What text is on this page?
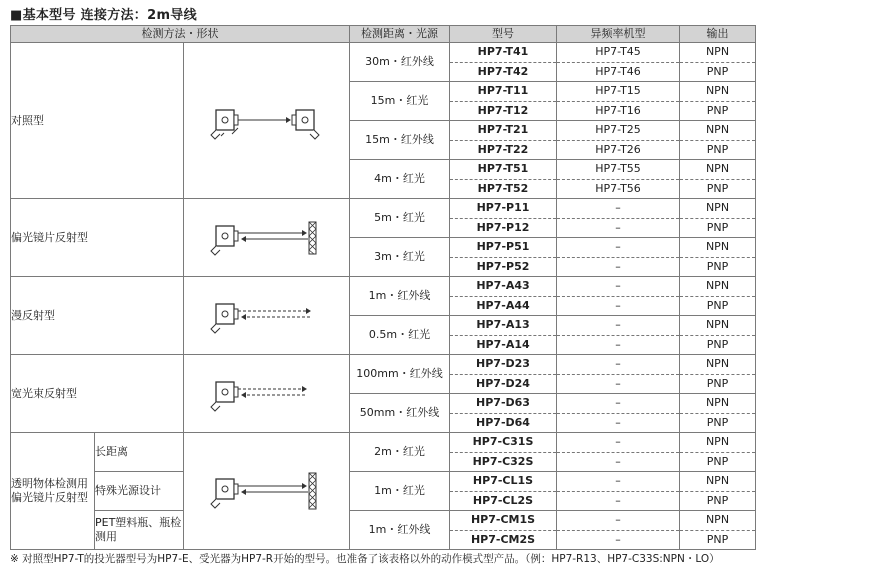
■基本型号 连接方法：2m导线
检测方法・形状			检测距离・光源	型号	异频率机型	输出
对照型			30m・红外线	HP7-T41	HP7-T45	NPN
				HP7-T42	HP7-T46	PNP
			15m・红光	HP7-T11	HP7-T15	NPN
				HP7-T12	HP7-T16	PNP
			15m・红外线	HP7-T21	HP7-T25	NPN
				HP7-T22	HP7-T26	PNP
			4m・红光	HP7-T51	HP7-T55	NPN
				HP7-T52	HP7-T56	PNP
偏光镜片反射型			5m・红光	HP7-P11	–	NPN
				HP7-P12	–	PNP
			3m・红光	HP7-P51	–	NPN
				HP7-P52	–	PNP
漫反射型			1m・红外线	HP7-A43	–	NPN
				HP7-A44	–	PNP
			0.5m・红光	HP7-A13	–	NPN
				HP7-A14	–	PNP
宽光束反射型			100mm・红外线	HP7-D23	–	NPN
				HP7-D24	–	PNP
			50mm・红外线	HP7-D63	–	NPN
				HP7-D64	–	PNP
透明物体检测用偏光镜片反射型	长距离		2m・红光	HP7-C31S	–	NPN
				HP7-C32S	–	PNP
	特殊光源设计		1m・红光	HP7-CL1S	–	NPN
				HP7-CL2S	–	PNP
	PET塑料瓶、瓶检测用		1m・红外线	HP7-CM1S	–	NPN
				HP7-CM2S	–	PNP
※ 对照型HP7-T的投光器型号为HP7-E、受光器为HP7-R开始的型号。也准备了该表格以外的动作模式型产品。（例：HP7-R13、HP7-C33S:NPN・LO）
